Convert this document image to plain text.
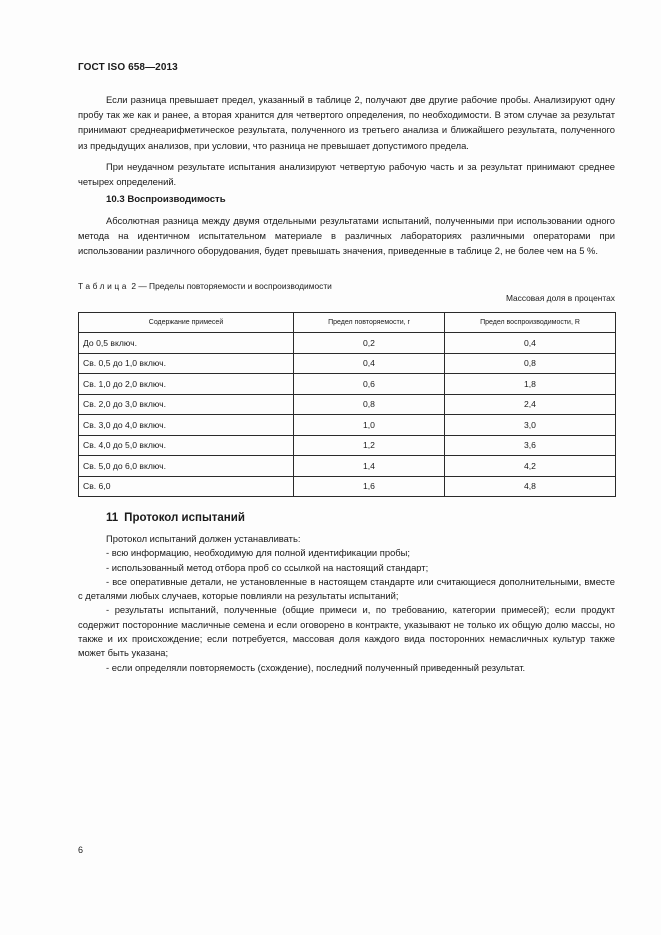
ГОСТ ISO 658—2013

Если разница превышает предел, указанный в таблице 2, получают две другие рабочие пробы. Анализируют одну пробу так же как и ранее, а вторая хранится для четвертого определения, по необходимости. В этом случае за результат принимают среднеарифметическое результата, полученного из третьего анализа и ближайшего результата, полученного из предыдущих анализов, при условии, что разница не превышает допустимого предела.

При неудачном результате испытания анализируют четвертую рабочую часть и за результат принимают среднее четырех определений.

10.3 Воспроизводимость

Абсолютная разница между двумя отдельными результатами испытаний, полученными при использовании одного метода на идентичном испытательном материале в различных лабораториях различными операторами при использовании различного оборудования, будет превышать значения, приведенные в таблице 2, не более чем на 5 %.

Таблица 2 — Пределы повторяемости и воспроизводимости
Массовая доля в процентах
Содержание примесей	Предел повторяемости, r	Предел воспроизводимости, R
До 0,5 включ.	0,2	0,4
Св. 0,5 до 1,0 включ.	0,4	0,8
Св. 1,0 до 2,0 включ.	0,6	1,8
Св. 2,0 до 3,0 включ.	0,8	2,4
Св. 3,0 до 4,0 включ.	1,0	3,0
Св. 4,0 до 5,0 включ.	1,2	3,6
Св. 5,0 до 6,0 включ.	1,4	4,2
Св. 6,0	1,6	4,8
11 Протокол испытаний

Протокол испытаний должен устанавливать:

- всю информацию, необходимую для полной идентификации пробы;

- использованный метод отбора проб со ссылкой на настоящий стандарт;

- все оперативные детали, не установленные в настоящем стандарте или считающиеся дополнительными, вместе с деталями любых случаев, которые повлияли на результаты испытаний;

- результаты испытаний, полученные (общие примеси и, по требованию, категории примесей); если продукт содержит посторонние масличные семена и если оговорено в контракте, указывают не только их общую долю массы, но также и их происхождение; если потребуется, массовая доля каждого вида посторонних немасличных культур также может быть указана;

- если определяли повторяемость (схождение), последний полученный приведенный результат.

6
